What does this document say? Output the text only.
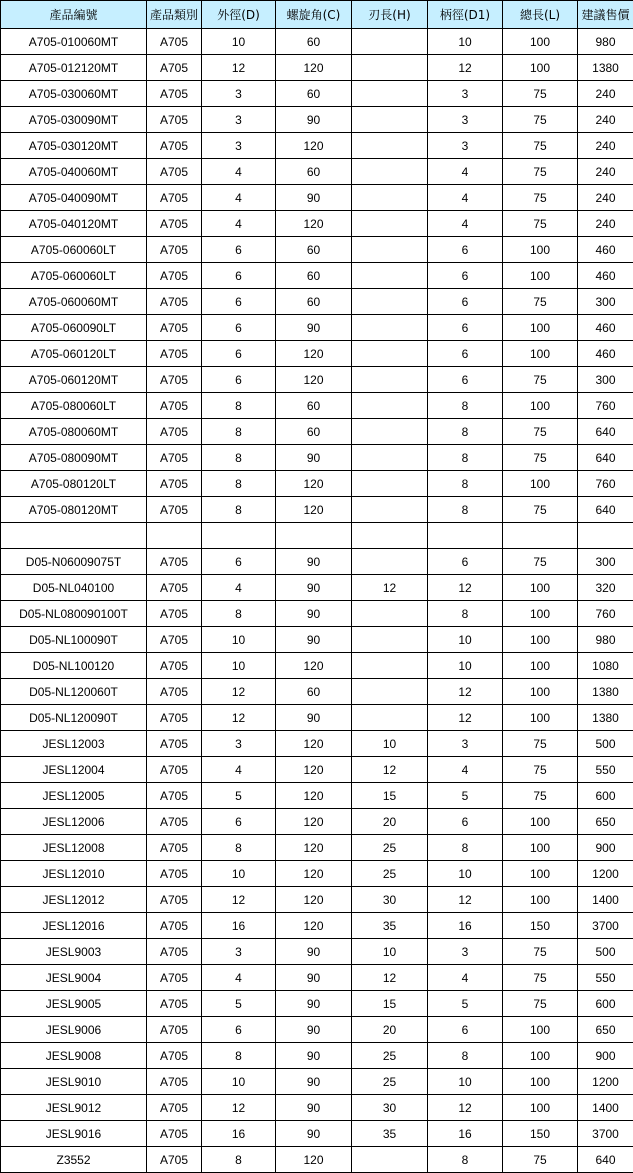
產品編號	產品類別	外徑(D)	螺旋角(C)	刃長(H)	柄徑(D1)	總長(L)	建議售價
A705-010060MT	A705	10	60		10	100	980
A705-012120MT	A705	12	120		12	100	1380
A705-030060MT	A705	3	60		3	75	240
A705-030090MT	A705	3	90		3	75	240
A705-030120MT	A705	3	120		3	75	240
A705-040060MT	A705	4	60		4	75	240
A705-040090MT	A705	4	90		4	75	240
A705-040120MT	A705	4	120		4	75	240
A705-060060LT	A705	6	60		6	100	460
A705-060060LT	A705	6	60		6	100	460
A705-060060MT	A705	6	60		6	75	300
A705-060090LT	A705	6	90		6	100	460
A705-060120LT	A705	6	120		6	100	460
A705-060120MT	A705	6	120		6	75	300
A705-080060LT	A705	8	60		8	100	760
A705-080060MT	A705	8	60		8	75	640
A705-080090MT	A705	8	90		8	75	640
A705-080120LT	A705	8	120		8	100	760
A705-080120MT	A705	8	120		8	75	640

D05-N06009075T	A705	6	90		6	75	300
D05-NL040100	A705	4	90	12	12	100	320
D05-NL080090100T	A705	8	90		8	100	760
D05-NL100090T	A705	10	90		10	100	980
D05-NL100120	A705	10	120		10	100	1080
D05-NL120060T	A705	12	60		12	100	1380
D05-NL120090T	A705	12	90		12	100	1380
JESL12003	A705	3	120	10	3	75	500
JESL12004	A705	4	120	12	4	75	550
JESL12005	A705	5	120	15	5	75	600
JESL12006	A705	6	120	20	6	100	650
JESL12008	A705	8	120	25	8	100	900
JESL12010	A705	10	120	25	10	100	1200
JESL12012	A705	12	120	30	12	100	1400
JESL12016	A705	16	120	35	16	150	3700
JESL9003	A705	3	90	10	3	75	500
JESL9004	A705	4	90	12	4	75	550
JESL9005	A705	5	90	15	5	75	600
JESL9006	A705	6	90	20	6	100	650
JESL9008	A705	8	90	25	8	100	900
JESL9010	A705	10	90	25	10	100	1200
JESL9012	A705	12	90	30	12	100	1400
JESL9016	A705	16	90	35	16	150	3700
Z3552	A705	8	120		8	75	640
